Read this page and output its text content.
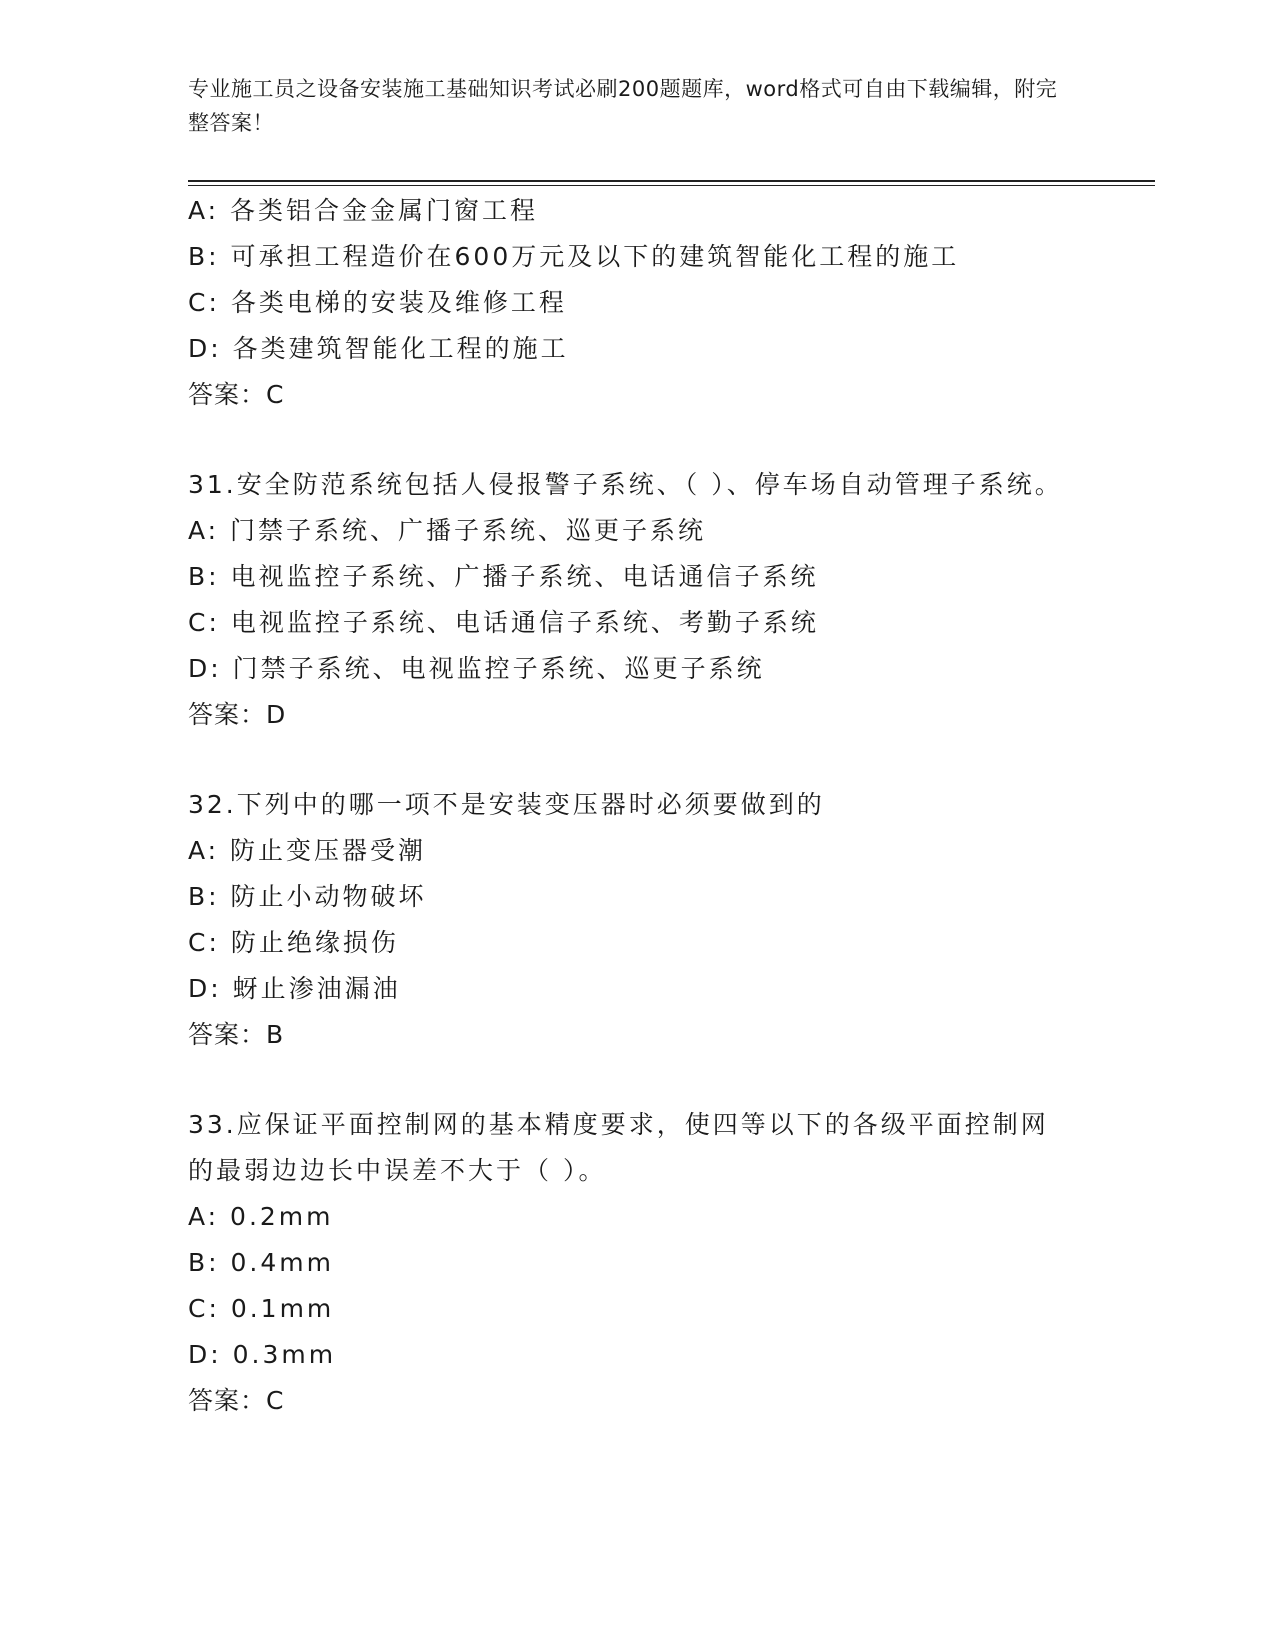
专业施工员之设备安装施工基础知识考试必刷200题题库，word格式可自由下载编辑，附完整答案！
A: 各类铝合金金属门窗工程
B: 可承担工程造价在600万元及以下的建筑智能化工程的施工
C: 各类电梯的安装及维修工程
D: 各类建筑智能化工程的施工
答案：C
31.安全防范系统包括人侵报警子系统、（ ）、停车场自动管理子系统。
A: 门禁子系统、广播子系统、巡更子系统
B: 电视监控子系统、广播子系统、电话通信子系统
C: 电视监控子系统、电话通信子系统、考勤子系统
D: 门禁子系统、电视监控子系统、巡更子系统
答案：D
32.下列中的哪一项不是安装变压器时必须要做到的
A: 防止变压器受潮
B: 防止小动物破坏
C: 防止绝缘损伤
D: 蚜止渗油漏油
答案：B
33.应保证平面控制网的基本精度要求，使四等以下的各级平面控制网的最弱边边长中误差不大于（ ）。
A: 0.2mm
B: 0.4mm
C: 0.1mm
D: 0.3mm
答案：C
